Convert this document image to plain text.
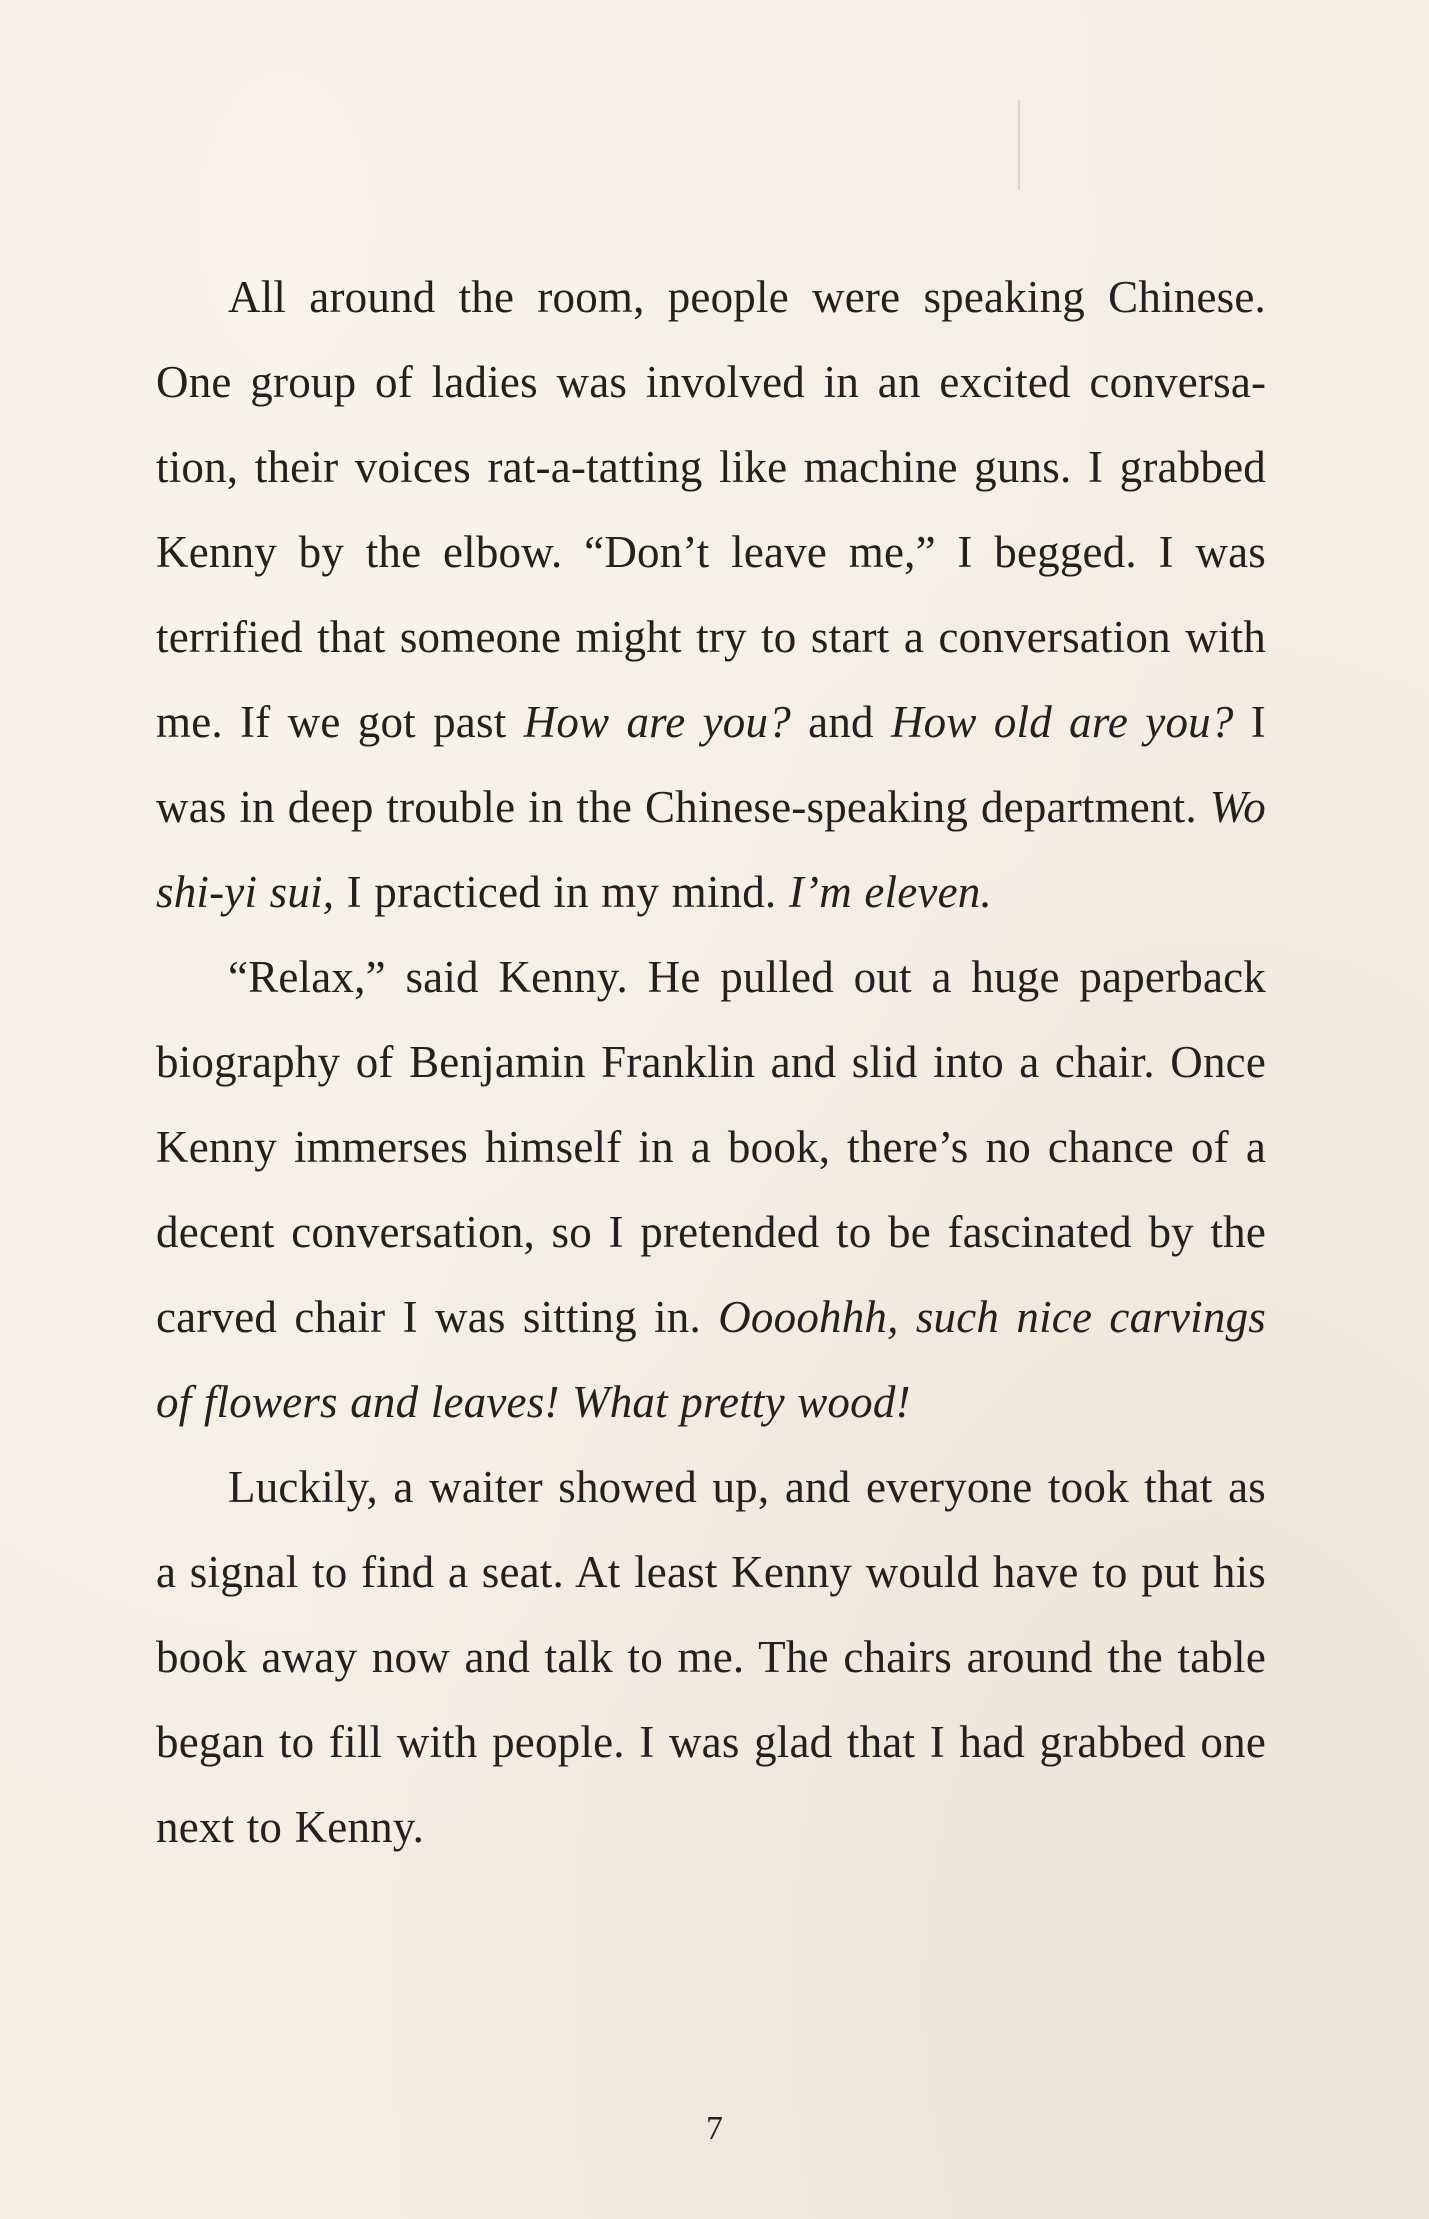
All around the room, people were speaking Chinese. One group of ladies was involved in an excited conversation, their voices rat-a-tatting like machine guns. I grabbed Kenny by the elbow. “Don’t leave me,” I begged. I was terrified that someone might try to start a conversation with me. If we got past How are you? and How old are you? I was in deep trouble in the Chinese-speaking department. Wo shi-yi sui, I practiced in my mind. I’m eleven.

“Relax,” said Kenny. He pulled out a huge paperback biography of Benjamin Franklin and slid into a chair. Once Kenny immerses himself in a book, there’s no chance of a decent conversation, so I pretended to be fascinated by the carved chair I was sitting in. Oooohhh, such nice carvings of flowers and leaves! What pretty wood!

Luckily, a waiter showed up, and everyone took that as a signal to find a seat. At least Kenny would have to put his book away now and talk to me. The chairs around the table began to fill with people. I was glad that I had grabbed one next to Kenny.

7
